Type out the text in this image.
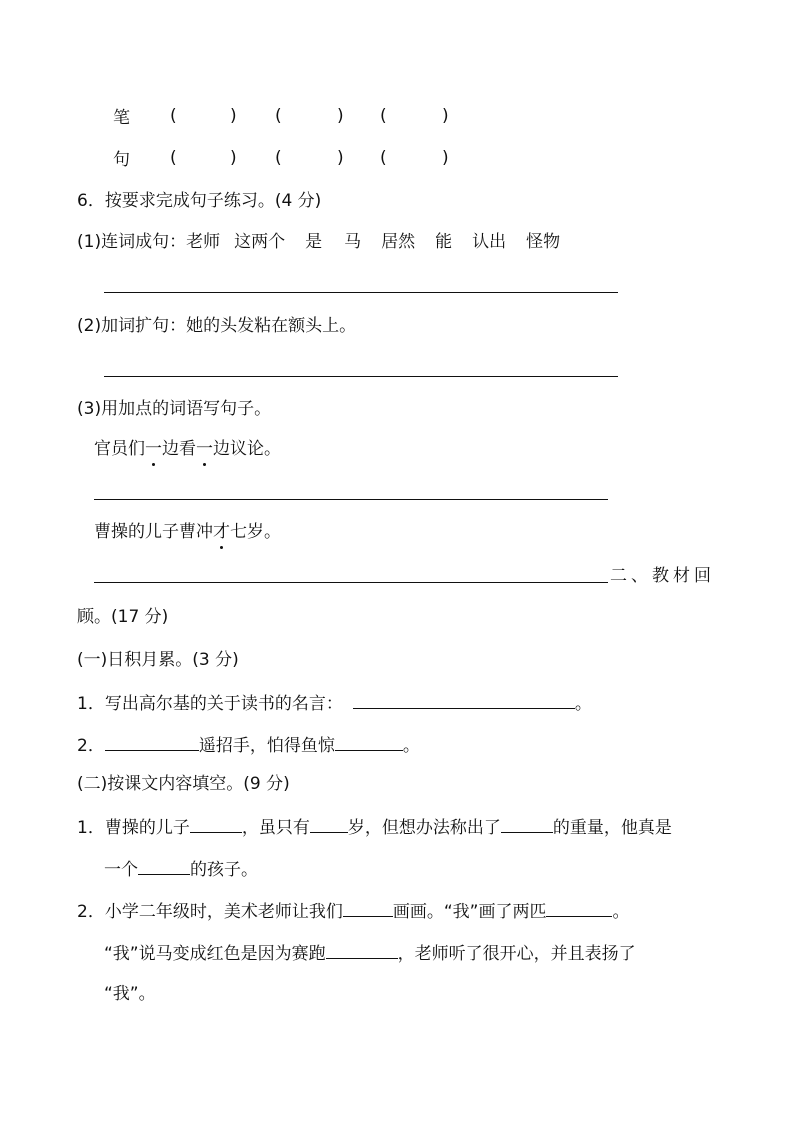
笔 (	) (	) (	)
句 (	) (	) (	)
6．按要求完成句子练习。(4 分)
(1)连词成句：老师 这两个 是 马 居然 能 认出 怪物
(2)加词扩句：她的头发粘在额头上。
(3)用加点的词语写句子。
官员们一边看一边议论。
曹操的儿子曹冲才七岁。
二、教材回
顾。(17 分)
(一)日积月累。(3 分)
1．写出高尔基的关于读书的名言：	。
2．	遥招手，怕得鱼惊	。
(二)按课文内容填空。(9 分)
1．曹操的儿子	，虽只有 岁，但想办法称出了	的重量，他真是
一个	的孩子。
2．小学二年级时，美术老师让我们	画画。“我”画了两匹	。
“我”说马变成红色是因为赛跑	，老师听了很开心，并且表扬了
“我”。
